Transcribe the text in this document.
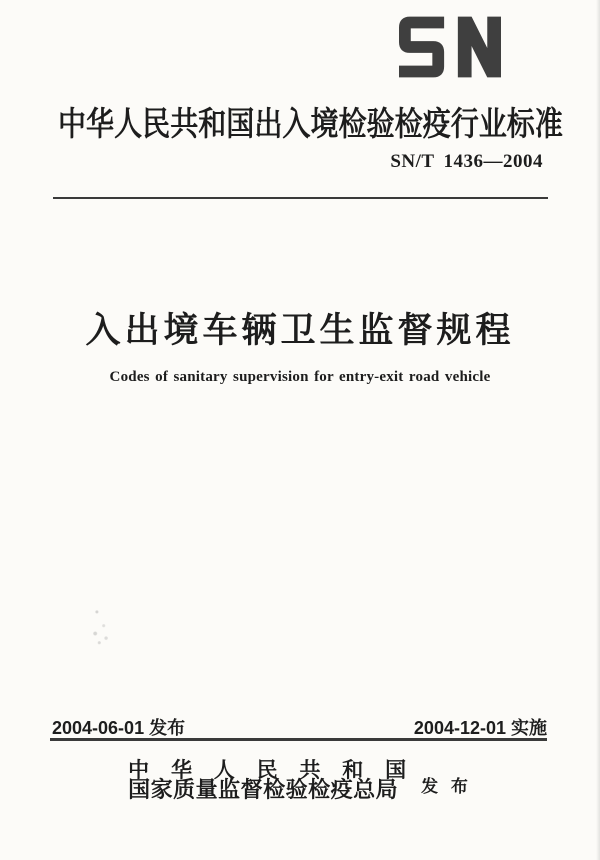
中华人民共和国出入境检验检疫行业标准
SN/T 1436—2004
入出境车辆卫生监督规程
Codes of sanitary supervision for entry-exit road vehicle
2004-06-01 发布	2004-12-01 实施
中 华 人 民 共 和 国
国家质量监督检验检疫总局	发 布
